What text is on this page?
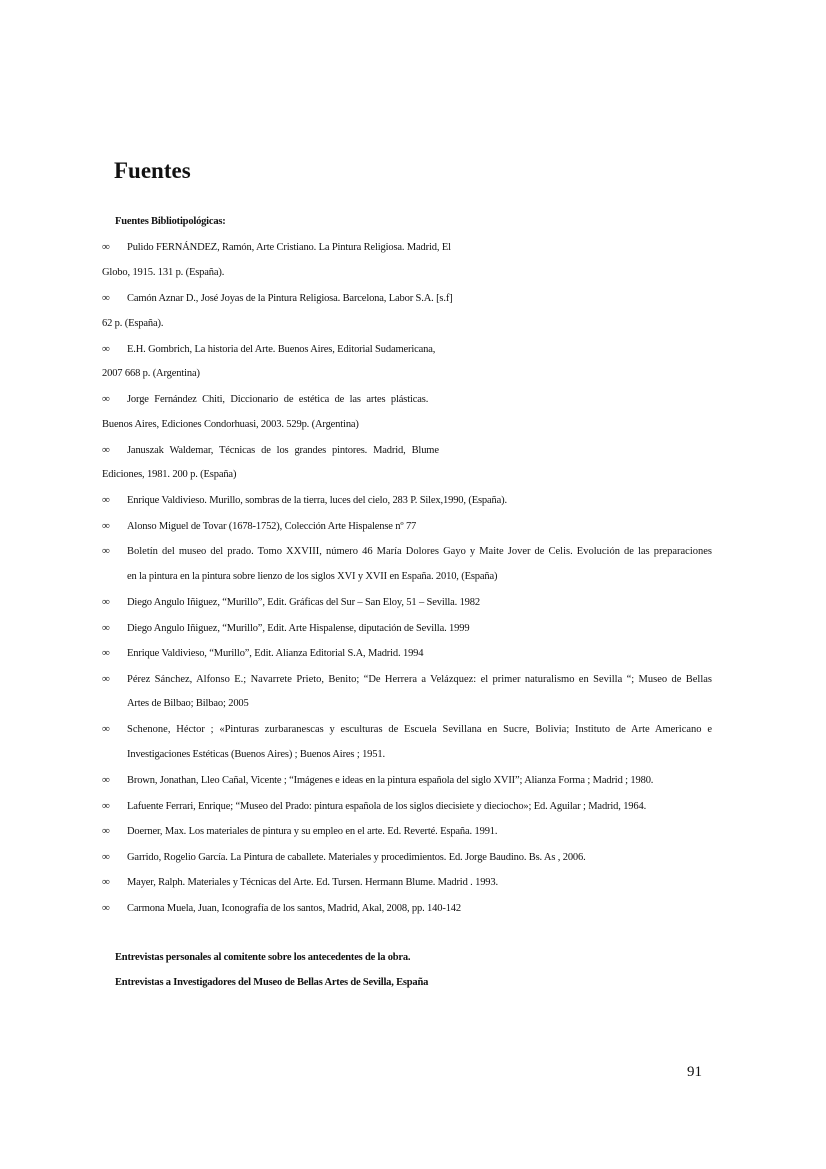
Fuentes
Fuentes Bibliotipológicas:
∞ Pulido FERNÁNDEZ, Ramón, Arte Cristiano. La Pintura Religiosa. Madrid, El
Globo, 1915. 131 p. (España).
∞ Camón Aznar D., José Joyas de la Pintura Religiosa. Barcelona, Labor S.A. [s.f]
62 p. (España).
∞ E.H. Gombrich, La historia del Arte. Buenos Aires, Editorial Sudamericana,
2007 668 p. (Argentina)
∞ Jorge Fernández Chiti, Diccionario de estética de las artes plásticas.
Buenos Aires, Ediciones Condorhuasi, 2003. 529p. (Argentina)
∞ Januszak Waldemar, Técnicas de los grandes pintores. Madrid, Blume
Ediciones, 1981. 200 p. (España)
∞ Enrique Valdivieso. Murillo, sombras de la tierra, luces del cielo, 283 P. Silex,1990, (España).
∞ Alonso Miguel de Tovar (1678-1752), Colección Arte Hispalense nº 77
∞ Boletín del museo del prado. Tomo XXVIII, número 46 María Dolores Gayo y Maite Jover de Celis. Evolución de las preparaciones
en la pintura en la pintura sobre lienzo de los siglos XVI y XVII en España. 2010, (España)
∞ Diego Angulo Iñiguez, “Murillo”, Edit. Gráficas del Sur – San Eloy, 51 – Sevilla. 1982
∞ Diego Angulo Iñiguez, “Murillo”, Edit. Arte Hispalense, diputación de Sevilla. 1999
∞ Enrique Valdivieso, “Murillo”, Edit. Alianza Editorial S.A, Madrid. 1994
∞ Pérez Sánchez, Alfonso E.; Navarrete Prieto, Benito; “De Herrera a Velázquez: el primer naturalismo en Sevilla “; Museo de Bellas
Artes de Bilbao; Bilbao; 2005
∞ Schenone, Héctor ; «Pinturas zurbaranescas y esculturas de Escuela Sevillana en Sucre, Bolivia; Instituto de Arte Americano e
Investigaciones Estéticas (Buenos Aires) ; Buenos Aires ; 1951.
∞ Brown, Jonathan, Lleo Cañal, Vicente ; “Imágenes e ideas en la pintura española del siglo XVII”; Alianza Forma ; Madrid ; 1980.
∞ Lafuente Ferrari, Enrique; “Museo del Prado: pintura española de los siglos diecisiete y dieciocho»; Ed. Aguilar ; Madrid, 1964.
∞ Doerner, Max. Los materiales de pintura y su empleo en el arte. Ed. Reverté. España. 1991.
∞ Garrido, Rogelio García. La Pintura de caballete. Materiales y procedimientos. Ed. Jorge Baudino. Bs. As , 2006.
∞ Mayer, Ralph. Materiales y Técnicas del Arte. Ed. Tursen. Hermann Blume. Madrid . 1993.
∞ Carmona Muela, Juan, Iconografía de los santos, Madrid, Akal, 2008, pp. 140-142
Entrevistas personales al comitente sobre los antecedentes de la obra.
Entrevistas a Investigadores del Museo de Bellas Artes de Sevilla, España
91
